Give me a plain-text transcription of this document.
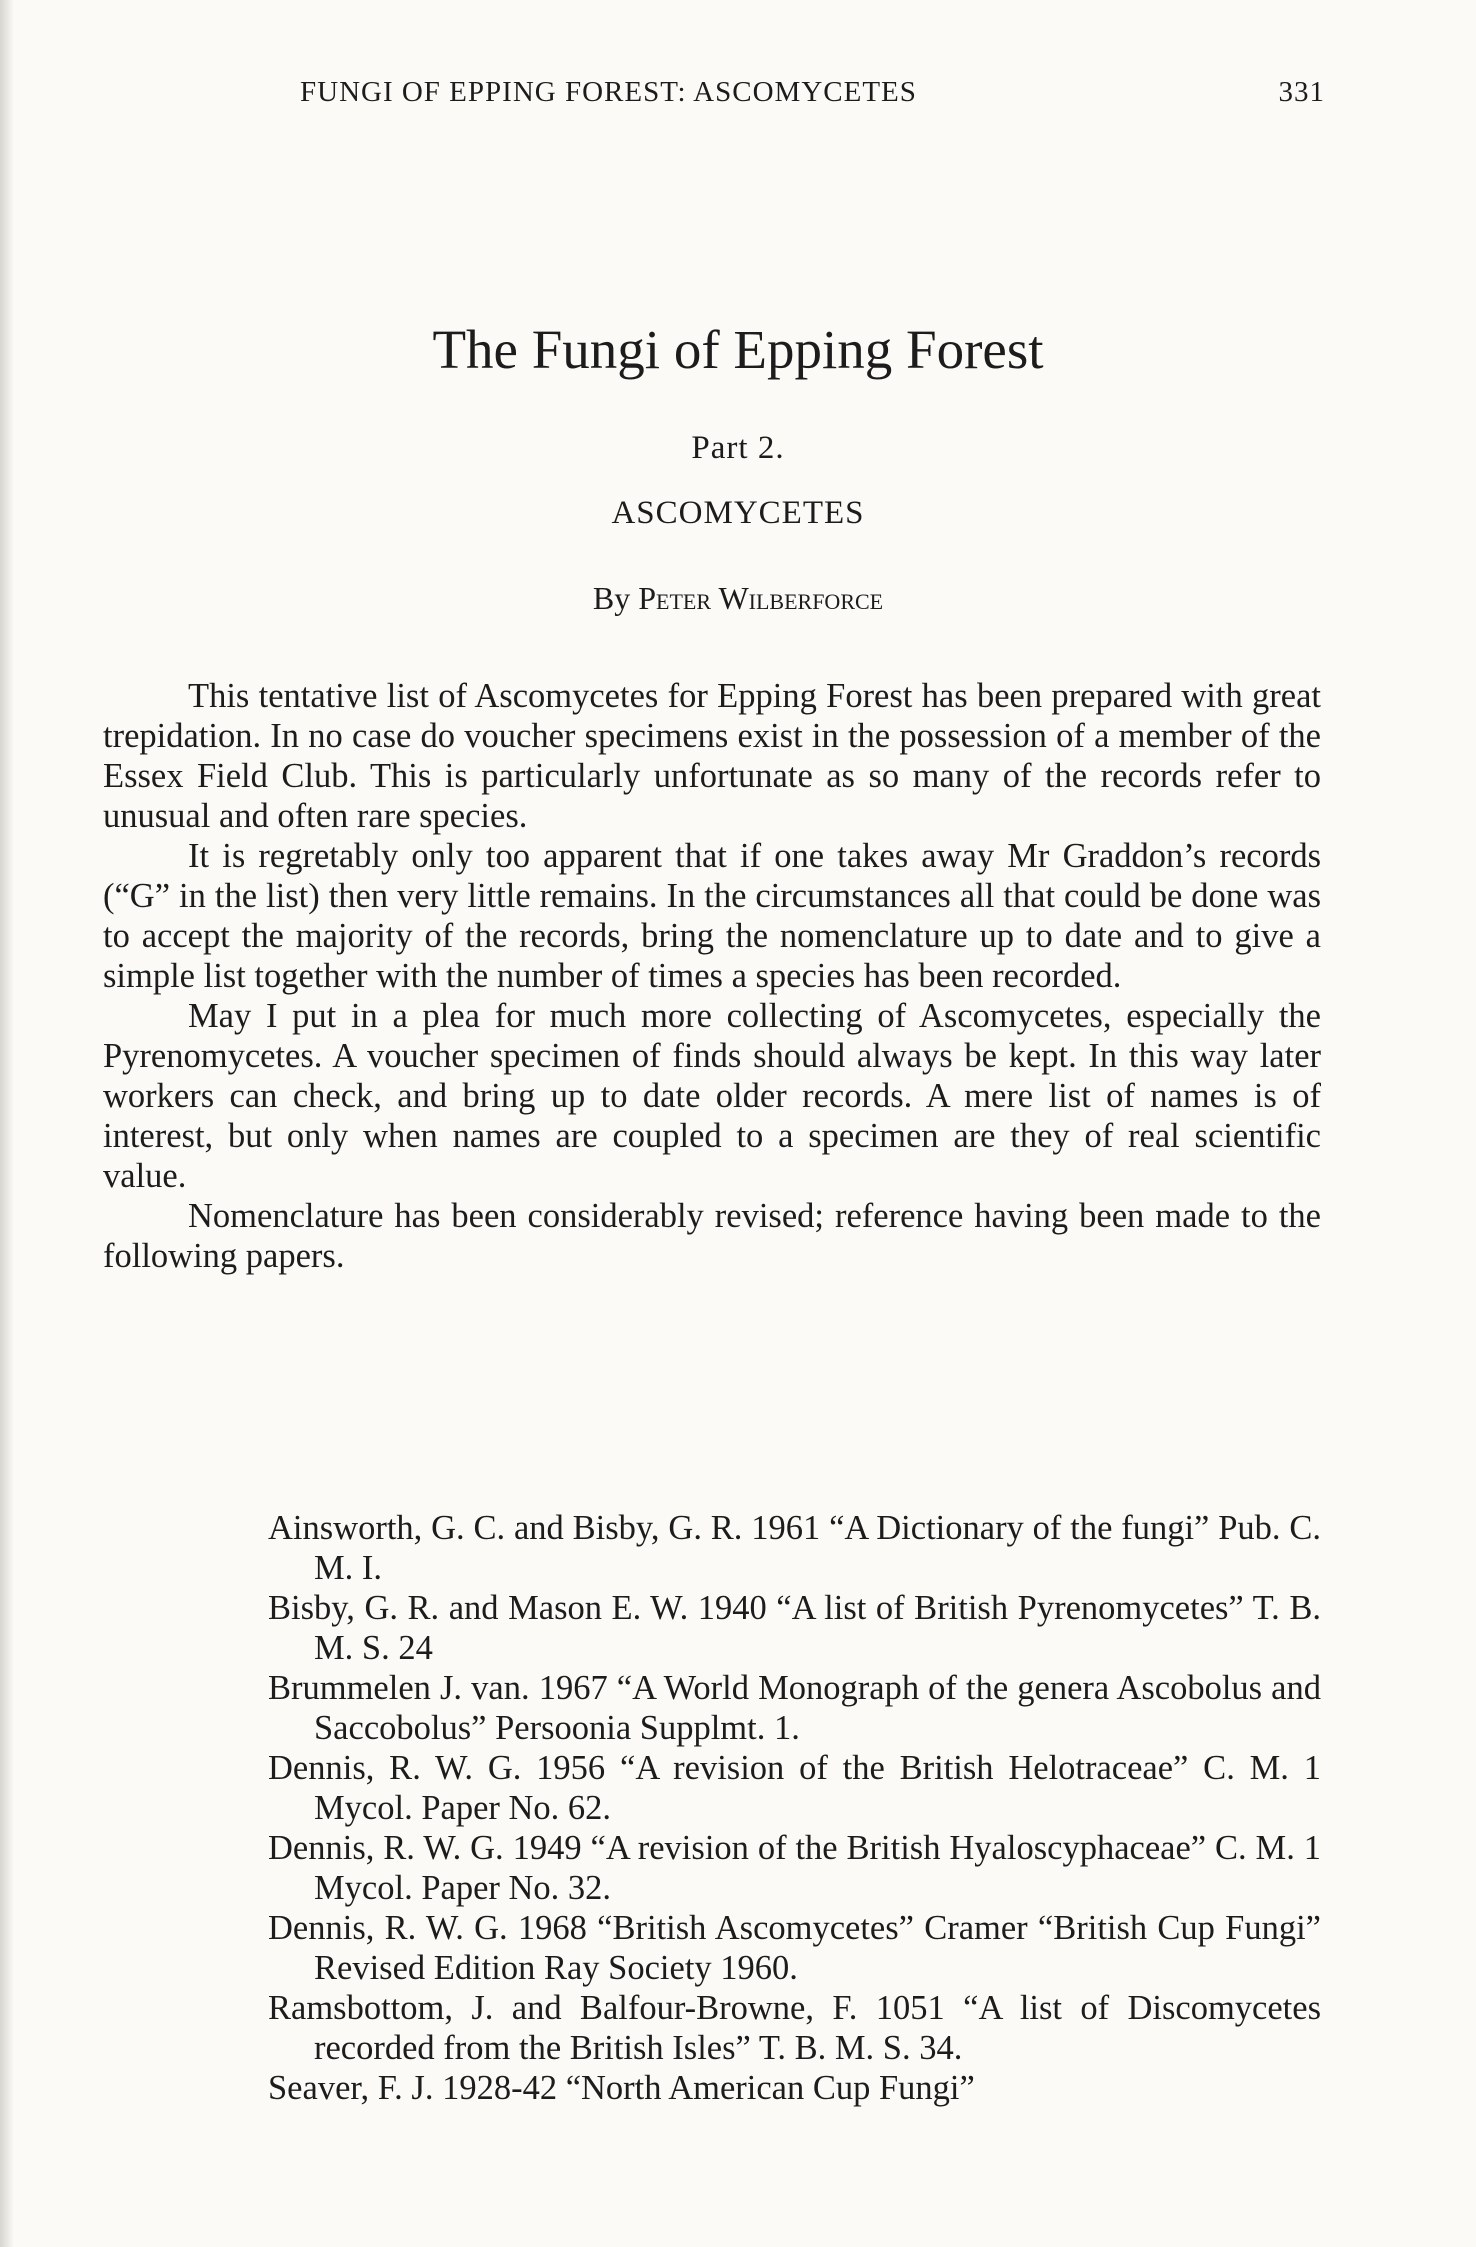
FUNGI OF EPPING FOREST: ASCOMYCETES	331
The Fungi of Epping Forest
Part 2.
ASCOMYCETES
By Peter Wilberforce

This tentative list of Ascomycetes for Epping Forest has been prepared with great trepidation. In no case do voucher specimens exist in the possession of a member of the Essex Field Club. This is particularly unfortunate as so many of the records refer to unusual and often rare species.

It is regretably only too apparent that if one takes away Mr Graddon’s records (“G” in the list) then very little remains. In the circumstances all that could be done was to accept the majority of the records, bring the nomenclature up to date and to give a simple list together with the number of times a species has been recorded.

May I put in a plea for much more collecting of Ascomycetes, especially the Pyrenomycetes. A voucher specimen of finds should always be kept. In this way later workers can check, and bring up to date older records. A mere list of names is of interest, but only when names are coupled to a specimen are they of real scientific value.

Nomenclature has been considerably revised; reference having been made to the following papers.

Ainsworth, G. C. and Bisby, G. R. 1961 “A Dictionary of the fungi” Pub. C. M. I.
Bisby, G. R. and Mason E. W. 1940 “A list of British Pyrenomycetes” T. B. M. S. 24
Brummelen J. van. 1967 “A World Monograph of the genera Ascobolus and Saccobolus” Persoonia Supplmt. 1.
Dennis, R. W. G. 1956 “A revision of the British Helotraceae” C. M. 1 Mycol. Paper No. 62.
Dennis, R. W. G. 1949 “A revision of the British Hyaloscyphaceae” C. M. 1 Mycol. Paper No. 32.
Dennis, R. W. G. 1968 “British Ascomycetes” Cramer “British Cup Fungi” Revised Edition Ray Society 1960.
Ramsbottom, J. and Balfour-Browne, F. 1051 “A list of Discomycetes recorded from the British Isles” T. B. M. S. 34.
Seaver, F. J. 1928-42 “North American Cup Fungi”
